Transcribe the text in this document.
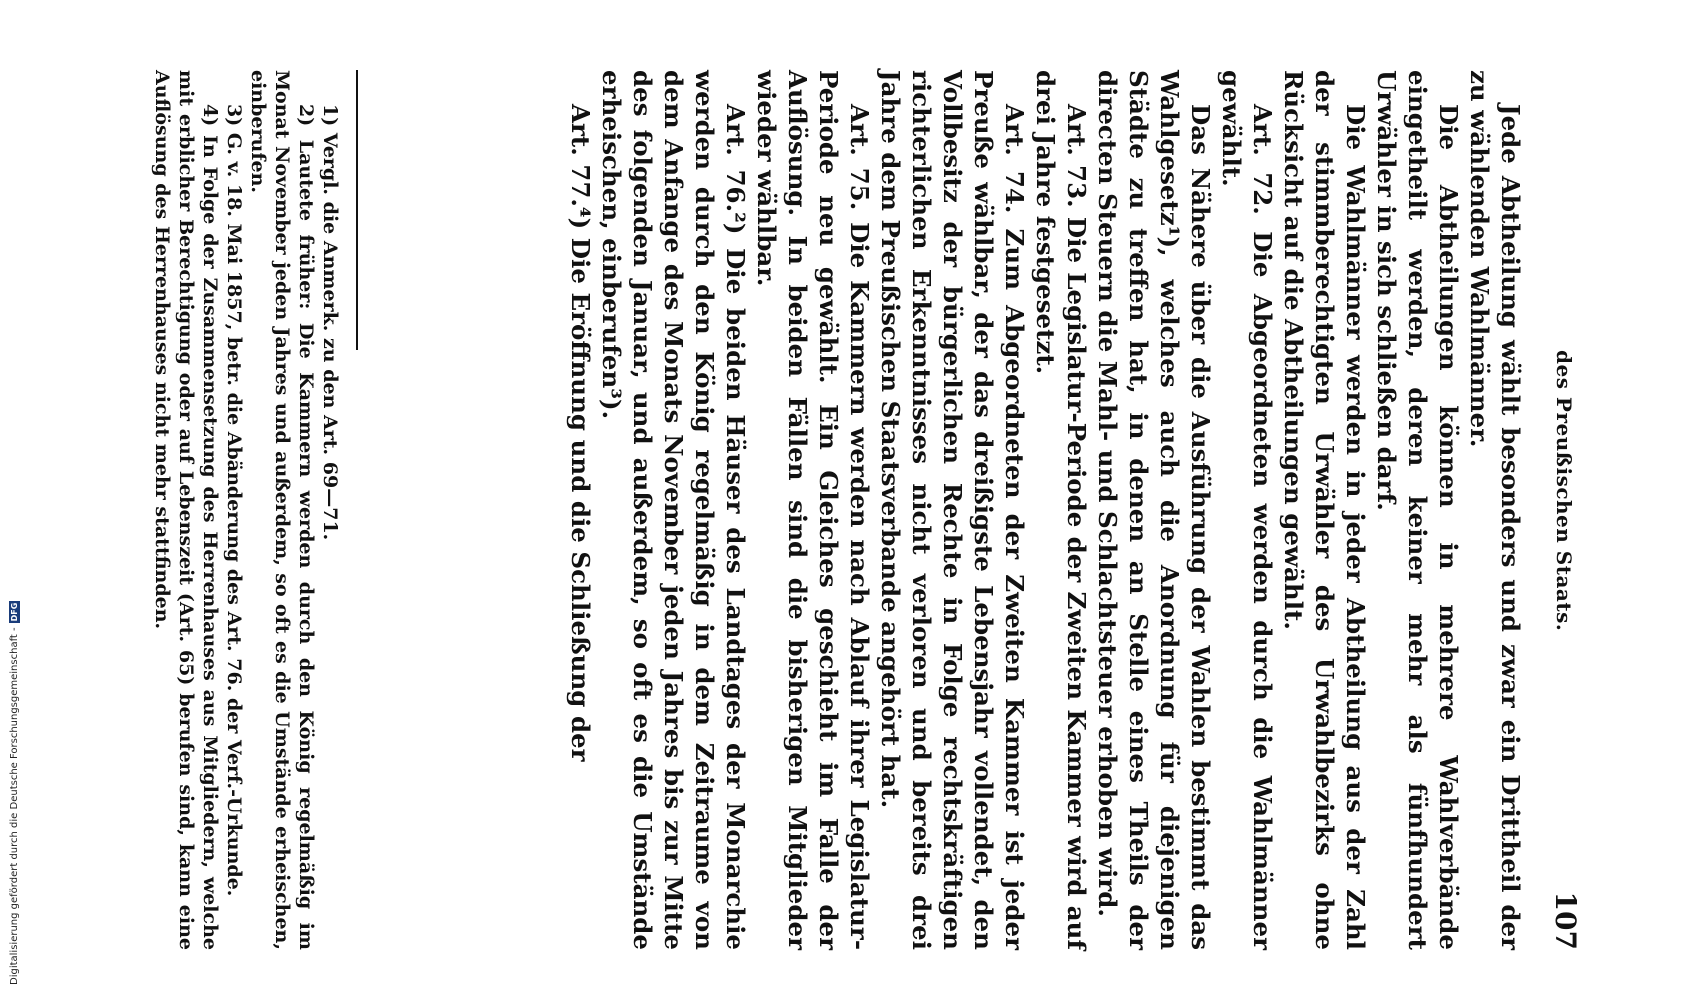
Digitalisierung gefördert durch die Deutsche Forschungsgemeinschaft -
DFG	des Preußischen Staats.
107

Jede Abtheilung wählt besonders und zwar ein Drittheil der zu wählenden Wahlmänner.

Die Abtheilungen können in mehrere Wahlverbände eingetheilt werden, deren keiner mehr als fünfhundert Urwähler in sich schließen darf.

Die Wahlmänner werden in jeder Abtheilung aus der Zahl der stimmberechtigten Urwähler des Urwahlbezirks ohne Rücksicht auf die Abtheilungen gewählt.

Art. 72. Die Abgeordneten werden durch die Wahlmänner gewählt.

Das Nähere über die Ausführung der Wahlen bestimmt das Wahlgesetz¹), welches auch die Anordnung für diejenigen Städte zu treffen hat, in denen an Stelle eines Theils der directen Steuern die Mahl- und Schlachtsteuer erhoben wird.

Art. 73. Die Legislatur-Periode der Zweiten Kammer wird auf drei Jahre festgesetzt.

Art. 74. Zum Abgeordneten der Zweiten Kammer ist jeder Preuße wählbar, der das dreißigste Lebensjahr vollendet, den Vollbesitz der bürgerlichen Rechte in Folge rechtskräftigen richterlichen Erkenntnisses nicht verloren und bereits drei Jahre dem Preußischen Staatsverbande angehört hat.

Art. 75. Die Kammern werden nach Ablauf ihrer Legislatur-Periode neu gewählt. Ein Gleiches geschieht im Falle der Auflösung. In beiden Fällen sind die bisherigen Mitglieder wieder wählbar.

Art. 76.²) Die beiden Häuser des Landtages der Monarchie werden durch den König regelmäßig in dem Zeitraume von dem Anfange des Monats November jeden Jahres bis zur Mitte des folgenden Januar, und außerdem, so oft es die Umstände erheischen, einberufen³).

Art. 77.⁴) Die Eröffnung und die Schließung der

1) Vergl. die Anmerk. zu den Art. 69—71.

2) Lautete früher: Die Kammern werden durch den König regelmäßig im Monat November jeden Jahres und außerdem, so oft es die Umstände erheischen, einberufen.

3) G. v. 18. Mai 1857, betr. die Abänderung des Art. 76. der Verf.-Urkunde.

4) In Folge der Zusammensetzung des Herrenhauses aus Mitgliedern, welche mit erblicher Berechtigung oder auf Lebenszeit (Art. 65) berufen sind, kann eine Auflösung des Herrenhauses nicht mehr stattfinden.
